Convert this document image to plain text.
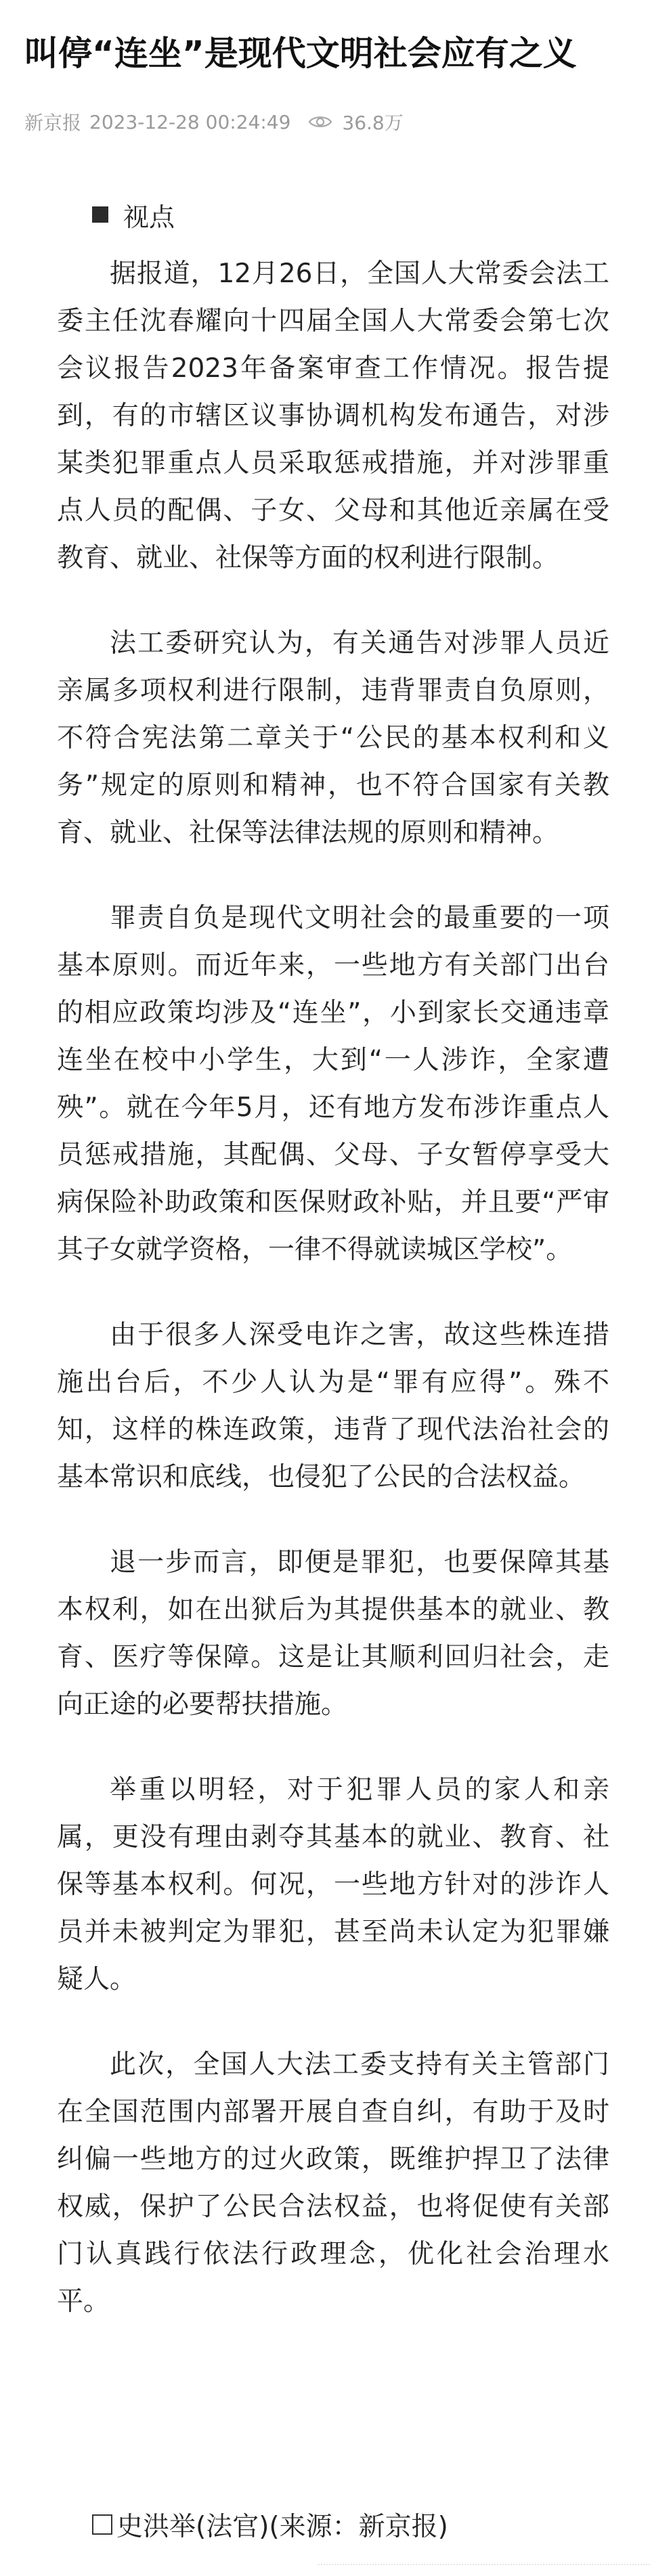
叫停“连坐”是现代文明社会应有之义
新京报 2023-12-28 00:24:49	36.8万
视点

据报道，12月26日，全国人大常委会法工委主任沈春耀向十四届全国人大常委会第七次会议报告2023年备案审查工作情况。报告提到，有的市辖区议事协调机构发布通告，对涉某类犯罪重点人员采取惩戒措施，并对涉罪重点人员的配偶、子女、父母和其他近亲属在受教育、就业、社保等方面的权利进行限制。

法工委研究认为，有关通告对涉罪人员近亲属多项权利进行限制，违背罪责自负原则，不符合宪法第二章关于“公民的基本权利和义务”规定的原则和精神，也不符合国家有关教育、就业、社保等法律法规的原则和精神。

罪责自负是现代文明社会的最重要的一项基本原则。而近年来，一些地方有关部门出台的相应政策均涉及“连坐”，小到家长交通违章连坐在校中小学生，大到“一人涉诈，全家遭殃”。就在今年5月，还有地方发布涉诈重点人员惩戒措施，其配偶、父母、子女暂停享受大病保险补助政策和医保财政补贴，并且要“严审其子女就学资格，一律不得就读城区学校”。

由于很多人深受电诈之害，故这些株连措施出台后，不少人认为是“罪有应得”。殊不知，这样的株连政策，违背了现代法治社会的基本常识和底线，也侵犯了公民的合法权益。

退一步而言，即便是罪犯，也要保障其基本权利，如在出狱后为其提供基本的就业、教育、医疗等保障。这是让其顺利回归社会，走向正途的必要帮扶措施。

举重以明轻，对于犯罪人员的家人和亲属，更没有理由剥夺其基本的就业、教育、社保等基本权利。何况，一些地方针对的涉诈人员并未被判定为罪犯，甚至尚未认定为犯罪嫌疑人。

此次，全国人大法工委支持有关主管部门在全国范围内部署开展自查自纠，有助于及时纠偏一些地方的过火政策，既维护捍卫了法律权威，保护了公民合法权益，也将促使有关部门认真践行依法行政理念，优化社会治理水平。

史洪举(法官)(来源：新京报)
